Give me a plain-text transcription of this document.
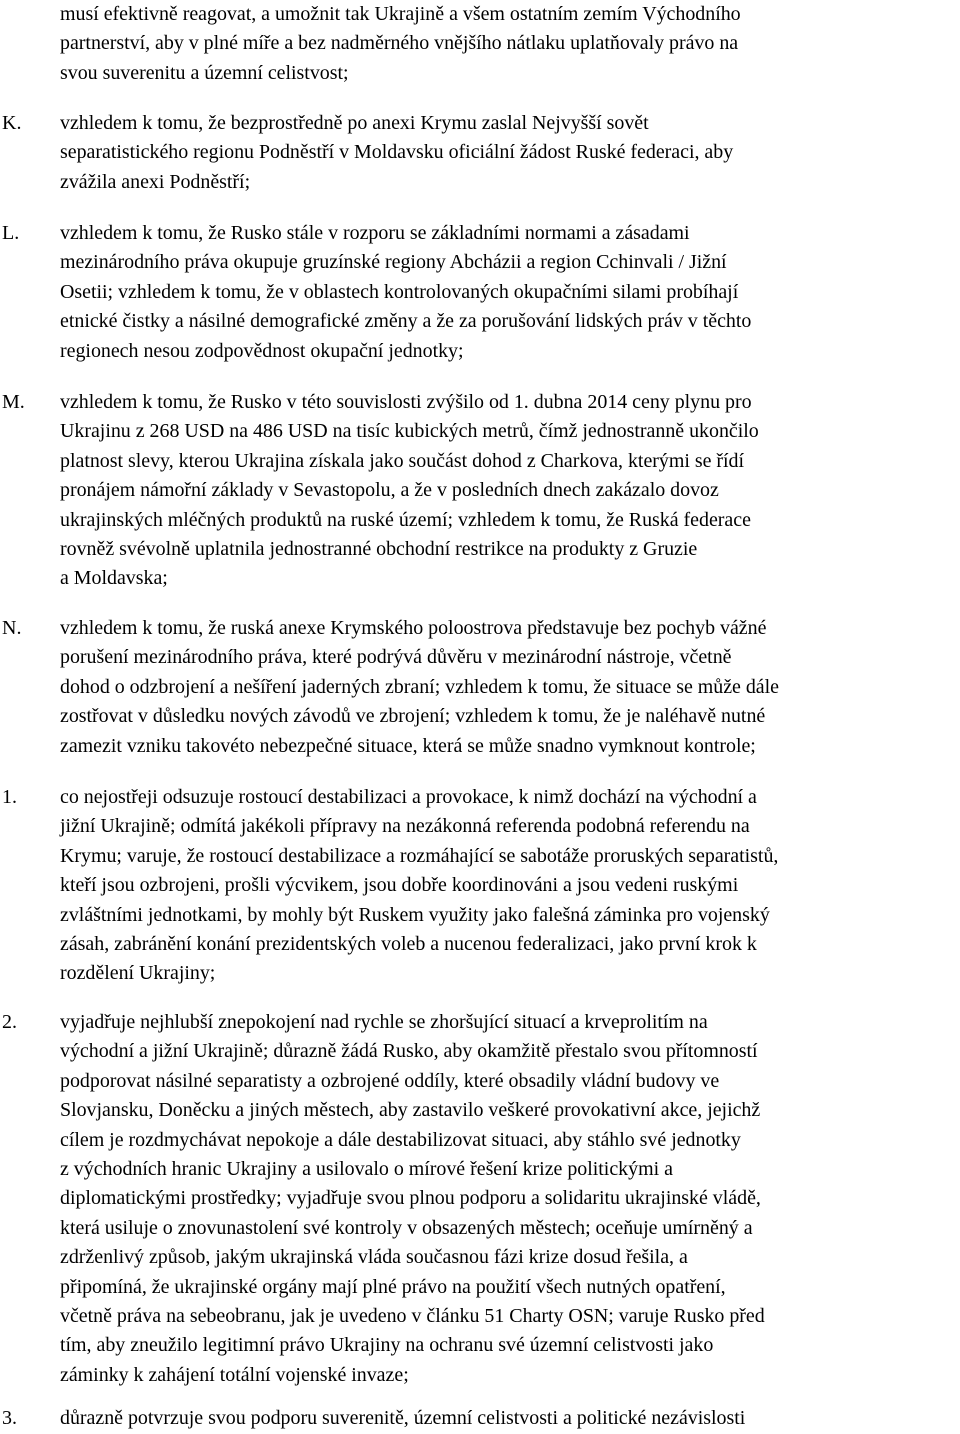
musí efektivně reagovat, a umožnit tak Ukrajině a všem ostatním zemím Východního
partnerství, aby v plné míře a bez nadměrného vnějšího nátlaku uplatňovaly právo na
svou suverenitu a územní celistvost;
K.	vzhledem k tomu, že bezprostředně po anexi Krymu zaslal Nejvyšší sovět
separatistického regionu Podněstří v Moldavsku oficiální žádost Ruské federaci, aby
zvážila anexi Podněstří;
L.	vzhledem k tomu, že Rusko stále v rozporu se základními normami a zásadami
mezinárodního práva okupuje gruzínské regiony Abcházii a region Cchinvali / Jižní
Osetii; vzhledem k tomu, že v oblastech kontrolovaných okupačními silami probíhají
etnické čistky a násilné demografické změny a že za porušování lidských práv v těchto
regionech nesou zodpovědnost okupační jednotky;
M.	vzhledem k tomu, že Rusko v této souvislosti zvýšilo od 1. dubna 2014 ceny plynu pro
Ukrajinu z 268 USD na 486 USD na tisíc kubických metrů, čímž jednostranně ukončilo
platnost slevy, kterou Ukrajina získala jako součást dohod z Charkova, kterými se řídí
pronájem námořní základy v Sevastopolu, a že v posledních dnech zakázalo dovoz
ukrajinských mléčných produktů na ruské území; vzhledem k tomu, že Ruská federace
rovněž svévolně uplatnila jednostranné obchodní restrikce na produkty z Gruzie
a Moldavska;
N.	vzhledem k tomu, že ruská anexe Krymského poloostrova představuje bez pochyb vážné
porušení mezinárodního práva, které podrývá důvěru v mezinárodní nástroje, včetně
dohod o odzbrojení a nešíření jaderných zbraní; vzhledem k tomu, že situace se může dále
zostřovat v důsledku nových závodů ve zbrojení; vzhledem k tomu, že je naléhavě nutné
zamezit vzniku takovéto nebezpečné situace, která se může snadno vymknout kontrole;
1.	co nejostřeji odsuzuje rostoucí destabilizaci a provokace, k nimž dochází na východní a
jižní Ukrajině; odmítá jakékoli přípravy na nezákonná referenda podobná referendu na
Krymu; varuje, že rostoucí destabilizace a rozmáhající se sabotáže proruských separatistů,
kteří jsou ozbrojeni, prošli výcvikem, jsou dobře koordinováni a jsou vedeni ruskými
zvláštními jednotkami, by mohly být Ruskem využity jako falešná záminka pro vojenský
zásah, zabránění konání prezidentských voleb a nucenou federalizaci, jako první krok k
rozdělení Ukrajiny;
2.	vyjadřuje nejhlubší znepokojení nad rychle se zhoršující situací a krveprolitím na
východní a jižní Ukrajině; důrazně žádá Rusko, aby okamžitě přestalo svou přítomností
podporovat násilné separatisty a ozbrojené oddíly, které obsadily vládní budovy ve
Slovjansku, Doněcku a jiných městech, aby zastavilo veškeré provokativní akce, jejichž
cílem je rozdmychávat nepokoje a dále destabilizovat situaci, aby stáhlo své jednotky
z východních hranic Ukrajiny a usilovalo o mírové řešení krize politickými a
diplomatickými prostředky; vyjadřuje svou plnou podporu a solidaritu ukrajinské vládě,
která usiluje o znovunastolení své kontroly v obsazených městech; oceňuje umírněný a
zdrženlivý způsob, jakým ukrajinská vláda současnou fázi krize dosud řešila, a
připomíná, že ukrajinské orgány mají plné právo na použití všech nutných opatření,
včetně práva na sebeobranu, jak je uvedeno v článku 51 Charty OSN; varuje Rusko před
tím, aby zneužilo legitimní právo Ukrajiny na ochranu své územní celistvosti jako
záminky k zahájení totální vojenské invaze;
3.	důrazně potvrzuje svou podporu suverenitě, územní celistvosti a politické nezávislosti
